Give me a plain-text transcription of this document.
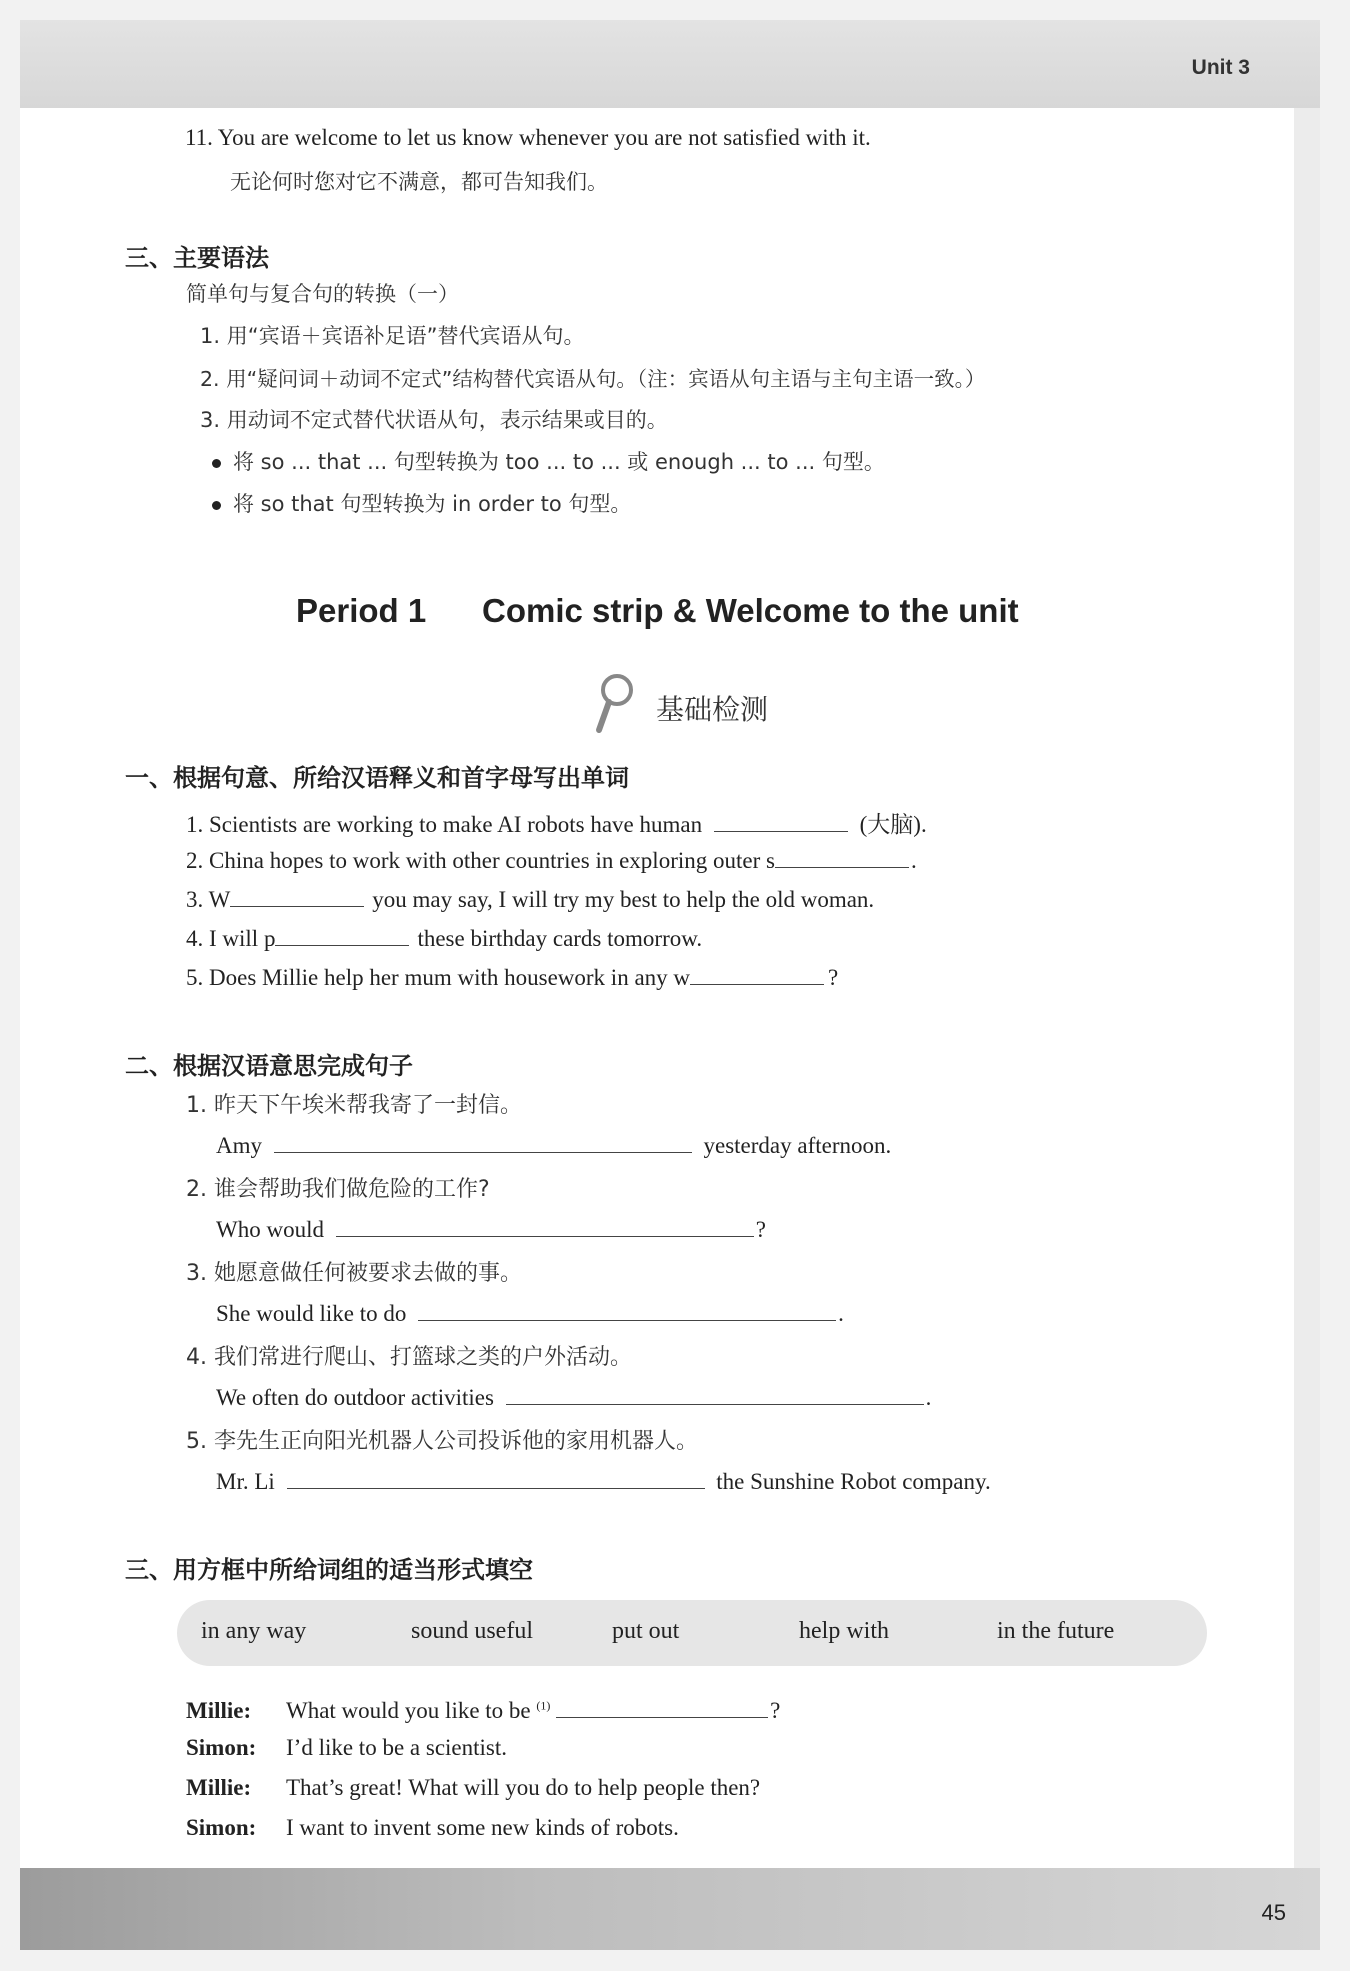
Unit 3
11. You are welcome to let us know whenever you are not satisfied with it.
无论何时您对它不满意，都可告知我们。
三、主要语法
简单句与复合句的转换（一）
1. 用“宾语＋宾语补足语”替代宾语从句。
2. 用“疑问词＋动词不定式”结构替代宾语从句。（注：宾语从句主语与主句主语一致。）
3. 用动词不定式替代状语从句，表示结果或目的。
将 so ... that ... 句型转换为 too ... to ... 或 enough ... to ... 句型。
将 so that 句型转换为 in order to 句型。
Period 1 Comic strip & Welcome to the unit
基础检测
一、根据句意、所给汉语释义和首字母写出单词
1. Scientists are working to make AI robots have human	(大脑).
2. China hopes to work with other countries in exploring outer s	.
3. W	you may say, I will try my best to help the old woman.
4. I will p	these birthday cards tomorrow.
5. Does Millie help her mum with housework in any w	?
二、根据汉语意思完成句子
1. 昨天下午埃米帮我寄了一封信。
Amy	yesterday afternoon.
2. 谁会帮助我们做危险的工作?
Who would	?
3. 她愿意做任何被要求去做的事。
She would like to do	.
4. 我们常进行爬山、打篮球之类的户外活动。
We often do outdoor activities	.
5. 李先生正向阳光机器人公司投诉他的家用机器人。
Mr. Li	the Sunshine Robot company.
三、用方框中所给词组的适当形式填空
in any way	sound useful	put out	help with	in the future
Millie: What would you like to be $^{(1)}$	?
Simon: I’d like to be a scientist.
Millie: That’s great! What will you do to help people then?
Simon: I want to invent some new kinds of robots.
45
